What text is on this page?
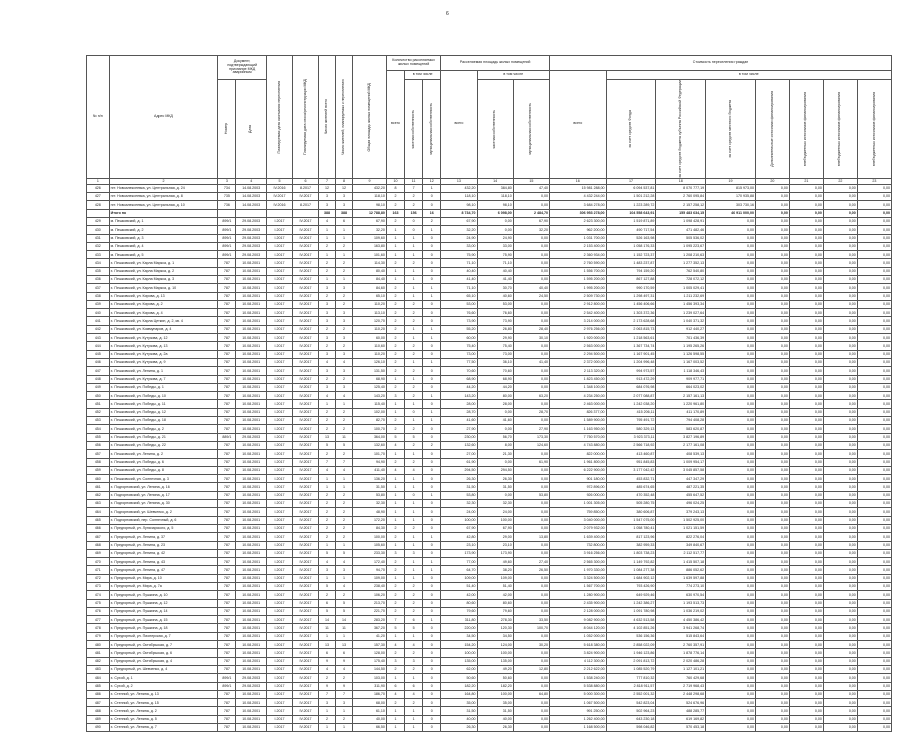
6
№ п/п	Адрес МКД	Документ, подтверждающий признание МКД аварийным		Планируемая дата окончания переселения	Планируемая дата сноса/реконструкции МКД	Число жителей всего	Число жителей, планируемых к переселению	Общая площадь жилых помещений МКД	Количество расселяемых жилых помещений			Расселяемая площадь жилых помещений			Стоимость переселения граждан							
									всего	в том числе		всего	в том числе		всего	в том числе						

		Номер	Дата							частная собственность	муниципальная собственность		частная собственность	муниципальная собственность		за счет средств Фонда	за счет средств бюджета субъекта Российской Федерации	за счет средств местного бюджета	Дополнительные источники финансирования	внебюджетных источников финансирования	внебюджетных источников финансирования	внебюджетных источников финансирования

1	2	3	4	5	6	7	8	9	10	11	12	13	14	15	16	17	18	19	20	21	22	23
426	пгт. Новоалексеевка, ул. Центральная, д. 24	734	14.08.2003	IV.2016	8.2017	12	12	432,20	8	7	1	432,20	384,80	47,40	15 981 288,00	6 094 537,81	8 070 777,19	815 973,00	0,00	0,00	0,00	0,00
427	пгт. Новоалексеевка, ул. Центральная, д. 8	735	14.08.2003	IV.2017	IV.2017	3	3	118,10	2	2	0	118,10	118,10	0,00	4 432 244,00	1 501 212,28	2 760 095,84	170 935,88	0,00	0,00	0,00	0,00
428	пгт. Новоалексеевка, ул. Центральная, д. 10	736	14.08.2003	IV.2016	8.2017	3	3	98,10	2	2	0	98,10	98,10	0,00	3 684 278,00	1 223 289,72	2 157 258,12	303 730,16	0,00	0,00	0,00	0,00
	Итого по					388	388	12 788,80	163	156	16	8 734,70	6 098,00	2 484,70	306 953 278,00	104 558 643,91	155 483 634,15	46 911 000,00	0,00	0,00	0,00	0,00
429	м. Пешковский, д. 1	899/1	29.08.2003	I.2017	IV.2017	4	6	67,90	2	0	2	67,90	0,00	67,90	2 623 300,00	1 519 871,89	1 098 428,91	0,00	0,00	0,00	0,00	0,00
430	м. Пешковский, д. 2	899/1	29.08.2003	I.2017	IV.2017	1	1	32,20	1	0	1	32,20	0,00	32,20	962 200,00	490 717,54	471 482,46	0,00	0,00	0,00	0,00	0,00
431	м. Пешковский, д. 3	899/1	29.08.2003	I.2017	IV.2017	1	1	109,60	1	1	0	24,90	24,90	0,00	1 031 700,00	526 163,98	505 536,02	0,00	0,00	0,00	0,00	0,00
432	м. Пешковский, д. 4	899/1	29.08.2003	I.2017	IV.2017	2	2	163,80	1	1	0	33,00	33,00	0,00	2 153 400,00	1 058 176,33	1 095 223,67	0,00	0,00	0,00	0,00	0,00
433	м. Пешковский, д. 5	899/1	29.08.2003	I.2017	IV.2017	1	1	101,60	1	1	0	75,90	75,90	0,00	2 360 934,00	1 152 723,37	1 208 210,63	0,00	0,00	0,00	0,00	0,00
434	х. Пешковский, ул. Карла Маркса, д. 1	787	10.08.2001	I.2017	IV.2017	2	2	114,30	2	2	0	71,10	71,10	0,00	2 760 590,00	1 483 237,87	1 277 352,13	0,00	0,00	0,00	0,00	0,00
435	х. Пешковский, ул. Карла Маркса, д. 2	787	10.08.2001	I.2017	IV.2017	2	2	80,40	1	1	0	40,40	40,40	0,00	1 556 700,00	794 159,20	762 540,80	0,00	0,00	0,00	0,00	0,00
436	х. Пешковский, ул. Карла Маркса, д. 3	787	10.08.2001	I.2017	IV.2017	1	1	84,40	1	1	0	41,40	41,40	0,00	1 595 200,00	867 127,88	728 072,12	0,00	0,00	0,00	0,00	0,00
437	х. Пешковский, ул. Карла Маркса, д. 10	787	10.08.2001	I.2017	IV.2017	3	3	84,60	2	1	1	71,10	30,70	40,40	1 995 200,00	990 170,59	1 005 029,41	0,00	0,00	0,00	0,00	0,00
438	х. Пешковский, ул. Кирова, д. 13	787	10.08.2001	I.2017	IV.2017	2	2	65,10	2	1	1	65,10	40,60	24,50	2 509 730,00	1 298 497,31	1 211 232,69	0,00	0,00	0,00	0,00	0,00
439	х. Пешковский, ул. Кирова, д. 2	787	10.08.2001	I.2017	IV.2017	3	2	110,20	2	2	0	53,00	53,00	0,00	2 912 800,00	1 456 406,66	1 456 393,34	0,00	0,00	0,00	0,00	0,00
440	х. Пешковский, ул. Кирова, д. 4	787	10.08.2001	I.2017	IV.2017	3	3	113,10	2	2	0	76,60	76,60	0,00	2 542 400,00	1 303 372,36	1 239 027,64	0,00	0,00	0,00	0,00	0,00
441	х. Пешковский, ул. Карла Цеткин, д. 2, кв. 4	787	10.08.2001	I.2017	IV.2017	3	3	120,70	2	2	0	73,90	73,90	0,00	3 214 000,00	2 173 628,68	1 040 371,32	0,00	0,00	0,00	0,00	0,00
442	х. Пешковский, ул. Коммунаров, д. 4	787	10.08.2001	I.2017	IV.2017	2	2	110,20	2	1	1	55,20	26,80	28,40	2 976 256,00	2 063 815,73	912 440,27	0,00	0,00	0,00	0,00	0,00
443	х. Пешковский, ул. Кутузова, д. 12	787	10.08.2001	I.2017	IV.2017	3	3	60,00	2	1	1	60,00	29,90	30,10	1 920 000,00	1 218 563,61	701 436,39	0,00	0,00	0,00	0,00	0,00
444	х. Пешковский, ул. Кутузова, д. 13	787	10.08.2001	I.2017	IV.2017	2	2	110,60	2	2	0	75,40	75,40	0,00	2 563 000,00	1 367 734,74	1 195 265,26	0,00	0,00	0,00	0,00	0,00
445	х. Пешковский, ул. Кутузова, д. 2а	787	10.08.2001	I.2017	IV.2017	3	3	110,20	2	2	0	73,00	73,00	0,00	2 294 500,00	1 167 901,45	1 126 598,55	0,00	0,00	0,00	0,00	0,00
446	х. Пешковский, ул. Кутузова, д. 9	787	10.08.2001	I.2017	IV.2017	4	4	126,10	2	1	1	77,50	36,10	41,40	2 372 000,00	1 204 996,48	1 167 003,52	0,00	0,00	0,00	0,00	0,00
447	х. Пешковский, ул. Ленина, д. 1	787	10.08.2001	I.2017	IV.2017	3	3	131,50	2	2	0	70,60	70,60	0,00	2 113 320,00	994 973,57	1 118 346,43	0,00	0,00	0,00	0,00	0,00
448	х. Пешковский, ул. Кутузова, д. 7	787	10.08.2001	I.2017	IV.2017	2	2	68,90	1	1	0	68,90	68,90	0,00	1 823 450,00	913 472,29	909 977,71	0,00	0,00	0,00	0,00	0,00
449	х. Пешковский, ул. Победы, д. 1	787	10.08.2001	I.2017	IV.2017	3	3	125,40	2	2	0	44,20	44,20	0,00	1 348 100,00	684 076,98	664 023,02	0,00	0,00	0,00	0,00	0,00
450	х. Пешковский, ул. Победы, д. 10	787	10.08.2001	I.2017	IV.2017	4	4	143,20	3	2	1	143,20	80,00	63,20	4 234 250,00	2 077 088,87	2 157 161,13	0,00	0,00	0,00	0,00	0,00
451	х. Пешковский, ул. Победы, д. 11	787	10.08.2001	I.2017	IV.2017	1	1	115,40	1	1	0	28,00	28,00	0,00	2 463 000,00	1 242 038,20	1 220 961,80	0,00	0,00	0,00	0,00	0,00
452	х. Пешковский, ул. Победы, д. 12	787	10.08.2001	I.2017	IV.2017	2	2	102,00	1	0	1	28,70	0,00	28,70	826 377,00	415 206,11	411 170,89	0,00	0,00	0,00	0,00	0,00
453	х. Пешковский, ул. Победы, д. 18	787	10.08.2001	I.2017	IV.2017	2	2	82,70	2	1	1	41,60	41,60	0,00	1 589 900,00	795 491,72	794 408,28	0,00	0,00	0,00	0,00	0,00
454	х. Пешковский, ул. Победы, д. 2	787	10.08.2001	I.2017	IV.2017	2	2	100,70	2	2	0	27,90	0,00	27,90	1 163 950,00	580 329,13	583 620,87	0,00	0,00	0,00	0,00	0,00
455	х. Пешковский, ул. Победы, д. 21	889/1	29.08.2003	I.2017	IV.2017	13	11	364,00	5	5	0	230,00	56,70	173,30	7 750 570,00	3 923 373,11	3 827 196,89	0,00	0,00	0,00	0,00	0,00
456	х. Пешковский, ул. Победы, д. 22	787	10.08.2001	I.2017	IV.2017	5	5	132,60	4	2	2	132,60	8,00	124,60	4 743 880,00	2 566 718,92	2 177 161,08	0,00	0,00	0,00	0,00	0,00
457	х. Пешковский, ул. Ленина, д. 2	787	10.08.2001	I.2017	IV.2017	2	2	101,70	1	1	0	27,00	21,30	0,00	822 000,00	413 460,87	408 539,13	0,00	0,00	0,00	0,00	0,00
458	х. Пешковский, ул. Победы, д. 6	787	10.08.2001	I.2017	IV.2017	7	7	94,90	2	2	0	61,90	0,00	61,90	1 961 800,00	951 845,83	1 009 954,17	0,00	0,00	0,00	0,00	0,00
459	х. Пешковский, ул. Победы, д. 8	787	10.08.2001	I.2017	IV.2017	4	4	411,40	4	4	0	294,50	294,50	0,00	6 222 900,00	3 177 042,42	3 045 857,58	0,00	0,00	0,00	0,00	0,00
460	х. Пешковский, ул. Солнечная, д. 3	787	10.08.2001	I.2017	IV.2017	1	1	136,20	1	1	0	26,30	26,30	0,00	901 180,00	453 832,71	447 347,29	0,00	0,00	0,00	0,00	0,00
461	х. Подгорновский, ул. Ленина, д. 16	787	10.08.2001	I.2017	IV.2017	1	1	31,50	1	1	0	31,50	31,50	0,00	972 896,00	485 674,65	487 221,35	0,00	0,00	0,00	0,00	0,00
462	х. Подгорновский, ул. Ленина, д. 17	787	10.08.2001	I.2017	IV.2017	2	2	53,80	1	0	1	53,80	0,00	53,80	926 000,00	470 352,48	455 647,52	0,00	0,00	0,00	0,00	0,00
463	х. Подгорновский, ул. Ленина, д. 30	787	10.08.2001	I.2017	IV.2017	2	2	32,30	1	1	0	32,30	32,30	0,00	1 001 305,00	505 280,75	496 024,25	0,00	0,00	0,00	0,00	0,00
464	х. Подгорновский, ул. Шевченко, д. 2	787	10.08.2001	I.2017	IV.2017	2	2	48,90	1	1	0	24,00	24,00	0,00	759 850,00	380 606,87	379 243,13	0,00	0,00	0,00	0,00	0,00
465	х. Подгорновский, пер. Солнечный, д. 6	787	10.08.2001	I.2017	IV.2017	2	2	172,20	1	1	0	100,00	100,00	0,00	3 040 000,00	1 547 075,00	1 502 925,00	0,00	0,00	0,00	0,00	0,00
466	х. Предгорный, ул. Луначарского, д. 5	787	10.08.2001	I.2017	IV.2017	2	2	84,30	2	2	0	67,90	67,90	0,00	2 079 932,00	1 058 780,41	1 021 151,59	0,00	0,00	0,00	0,00	0,00
467	х. Предгорный, ул. Ленина, д. 37	787	10.08.2001	I.2017	IV.2017	2	2	100,00	2	1	1	42,80	29,00	13,80	1 639 400,00	817 123,96	822 276,04	0,00	0,00	0,00	0,00	0,00
468	х. Предгорный, ул. Ленина, д. 23	787	10.08.2001	I.2017	IV.2017	1	1	105,60	1	1	0	23,10	23,10	0,00	732 800,00	382 959,33	349 840,67	0,00	0,00	0,00	0,00	0,00
469	х. Предгорный, ул. Ленина, д. 42	787	10.08.2001	I.2017	IV.2017	5	5	233,30	3	3	0	173,90	173,90	0,00	3 916 256,00	1 803 738,23	2 112 517,77	0,00	0,00	0,00	0,00	0,00
470	х. Предгорный, ул. Ленина, д. 43	787	10.08.2001	I.2017	IV.2017	4	4	172,40	2	1	1	77,00	49,60	27,40	2 565 300,00	1 149 792,82	1 415 507,18	0,00	0,00	0,00	0,00	0,00
471	х. Предгорный, ул. Ленина, д. 47	787	10.08.2001	I.2017	IV.2017	3	3	94,70	2	1	1	64,70	38,20	26,50	1 970 330,00	1 084 277,38	886 052,62	0,00	0,00	0,00	0,00	0,00
472	х. Предгорный, ул. Мира, д. 10	787	10.08.2001	I.2017	IV.2017	1	1	109,00	1	1	0	109,00	109,00	0,00	3 324 500,00	1 684 902,12	1 639 597,88	0,00	0,00	0,00	0,00	0,00
473	х. Предгорный, ул. Мира, д. 7а	787	10.08.2001	I.2017	IV.2017	5	4	238,40	2	2	0	51,40	51,40	0,00	1 567 700,00	793 426,90	774 273,10	0,00	0,00	0,00	0,00	0,00
474	х. Предгорный, ул. Пушкина, д. 10	787	10.08.2001	I.2017	IV.2017	2	2	106,20	2	2	0	42,00	42,00	0,00	1 280 900,00	649 929,46	630 970,54	0,00	0,00	0,00	0,00	0,00
475	х. Предгорный, ул. Пушкина, д. 12	787	10.08.2001	I.2017	IV.2017	6	5	213,70	2	2	0	80,60	80,60	0,00	2 435 900,00	1 242 386,27	1 193 513,73	0,00	0,00	0,00	0,00	0,00
476	х. Предгорный, ул. Пушкина, д. 14	787	10.08.2001	I.2017	IV.2017	5	5	221,70	2	2	0	79,60	79,60	0,00	2 128 000,00	1 091 780,98	1 036 219,02	0,00	0,00	0,00	0,00	0,00
477	х. Предгорный, ул. Пушкина, д. 15	787	10.08.2001	I.2017	IV.2017	14	14	283,20	7	6	1	311,80	278,30	33,50	9 082 900,00	4 632 513,58	4 450 386,42	0,00	0,00	0,00	0,00	0,00
478	х. Предгорный, ул. Пушкина, д. 18	787	10.08.2001	I.2017	IV.2017	11	11	367,20	5	5	0	220,00	120,30	100,70	8 044 120,00	4 102 851,26	3 941 268,74	0,00	0,00	0,00	0,00	0,00
479	х. Предгорный, ул. Пионерская, д. 7	787	10.08.2001	I.2017	IV.2017	1	1	41,20	1	1	0	34,50	34,50	0,00	1 052 000,00	536 156,36	515 843,64	0,00	0,00	0,00	0,00	0,00
480	х. Предгорный, ул. Октябрьская, д. 7	787	10.08.2001	I.2017	IV.2017	13	13	157,30	4	4	0	154,20	124,00	30,20	5 618 380,00	2 858 022,09	2 760 357,91	0,00	0,00	0,00	0,00	0,00
481	х. Предгорный, ул. Октябрьская, д. 6	787	10.08.2001	I.2017	IV.2017	6	6	128,00	2	2	0	100,00	100,00	0,00	3 824 900,00	1 946 123,86	1 878 776,14	0,00	0,00	0,00	0,00	0,00
482	х. Предгорный, ул. Октябрьская, д. 4	787	10.08.2001	I.2017	IV.2017	9	9	175,40	3	3	0	135,00	135,00	0,00	4 112 300,00	2 091 813,72	2 020 486,28	0,00	0,00	0,00	0,00	0,00
483	х. Предгорный, ул. Шевченко, д. 4	787	10.08.2001	I.2017	IV.2017	4	4	144,50	2	2	0	62,00	49,20	12,80	2 212 622,00	1 085 520,79	1 127 101,21	0,00	0,00	0,00	0,00	0,00
484	х. Сухой, д. 1	899/1	29.08.2003	I.2017	IV.2017	2	2	103,00	1	1	0	50,60	50,60	0,00	1 538 240,00	777 810,32	760 429,68	0,00	0,00	0,00	0,00	0,00
485	х. Сухой, д. 2	899/1	29.08.2003	I.2017	IV.2017	9	9	311,90	6	6	0	182,20	182,20	0,00	5 538 880,00	2 818 911,57	2 719 968,43	0,00	0,00	0,00	0,00	0,00
486	х. Степной, ул. Ленина, д. 13	787	10.08.2001	I.2017	IV.2017	7	7	186,70	4	4	0	164,80	100,00	64,80	5 000 300,00	2 552 001,32	2 448 298,68	0,00	0,00	0,00	0,00	0,00
487	х. Степной, ул. Ленина, д. 15	787	10.08.2001	I.2017	IV.2017	3	3	68,00	2	2	0	35,00	35,00	0,00	1 067 500,00	542 823,04	524 676,96	0,00	0,00	0,00	0,00	0,00
488	х. Степной, ул. Ленина, д. 2	787	10.08.2001	I.2017	IV.2017	1	1	61,10	1	1	0	31,50	31,50	0,00	991 250,00	502 964,23	488 285,77	0,00	0,00	0,00	0,00	0,00
489	х. Степной, ул. Ленина, д. 5	787	10.08.2001	I.2017	IV.2017	2	2	40,00	1	1	0	40,00	40,00	0,00	1 262 400,00	643 230,18	619 169,82	0,00	0,00	0,00	0,00	0,00
490	х. Степной, ул. Ленина, д. 7	787	10.08.2001	I.2017	IV.2017	1	1	66,50	1	1	0	26,30	26,30	0,00	1 168 500,00	598 046,82	570 453,18	0,00	0,00	0,00	0,00	0,00
